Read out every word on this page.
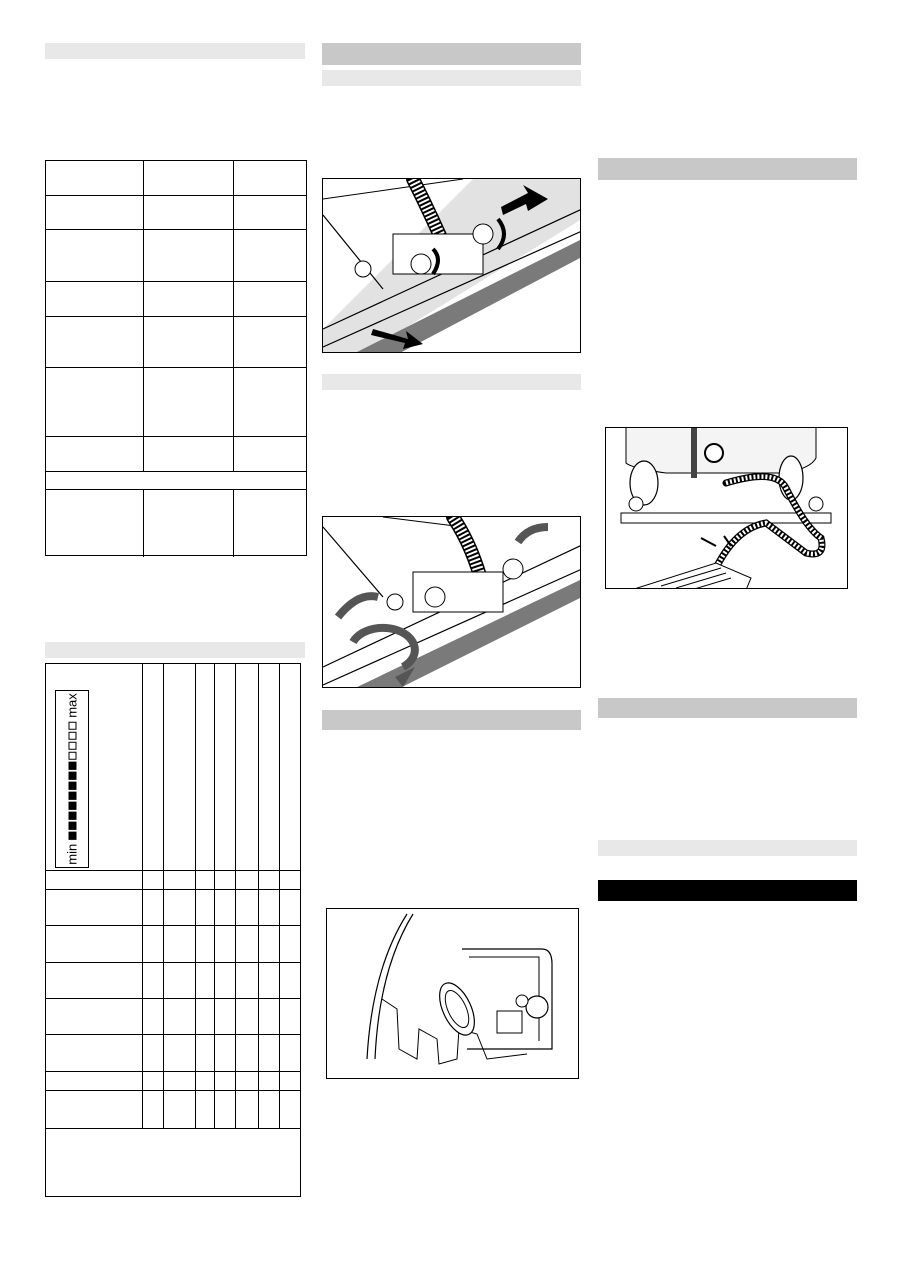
min
max
